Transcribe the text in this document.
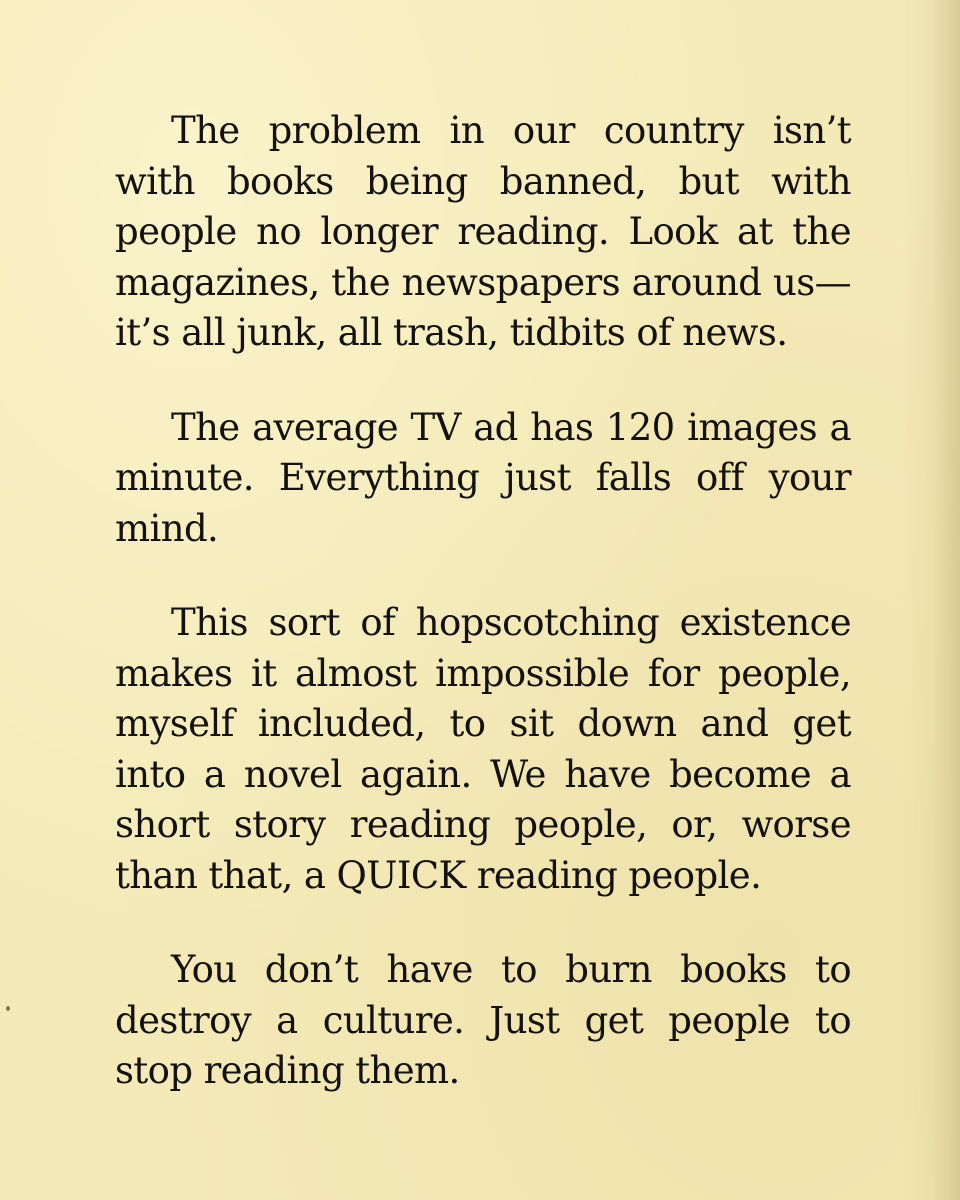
The problem in our country isn’t with books being banned, but with people no longer reading. Look at the magazines, the newspapers around us—it’s all junk, all trash, tidbits of news.

The average TV ad has 120 images a minute. Everything just falls off your mind.

This sort of hopscotching existence makes it almost impossible for people, myself included, to sit down and get into a novel again. We have become a short story reading people, or, worse than that, a QUICK reading people.

You don’t have to burn books to destroy a culture. Just get people to stop reading them.
